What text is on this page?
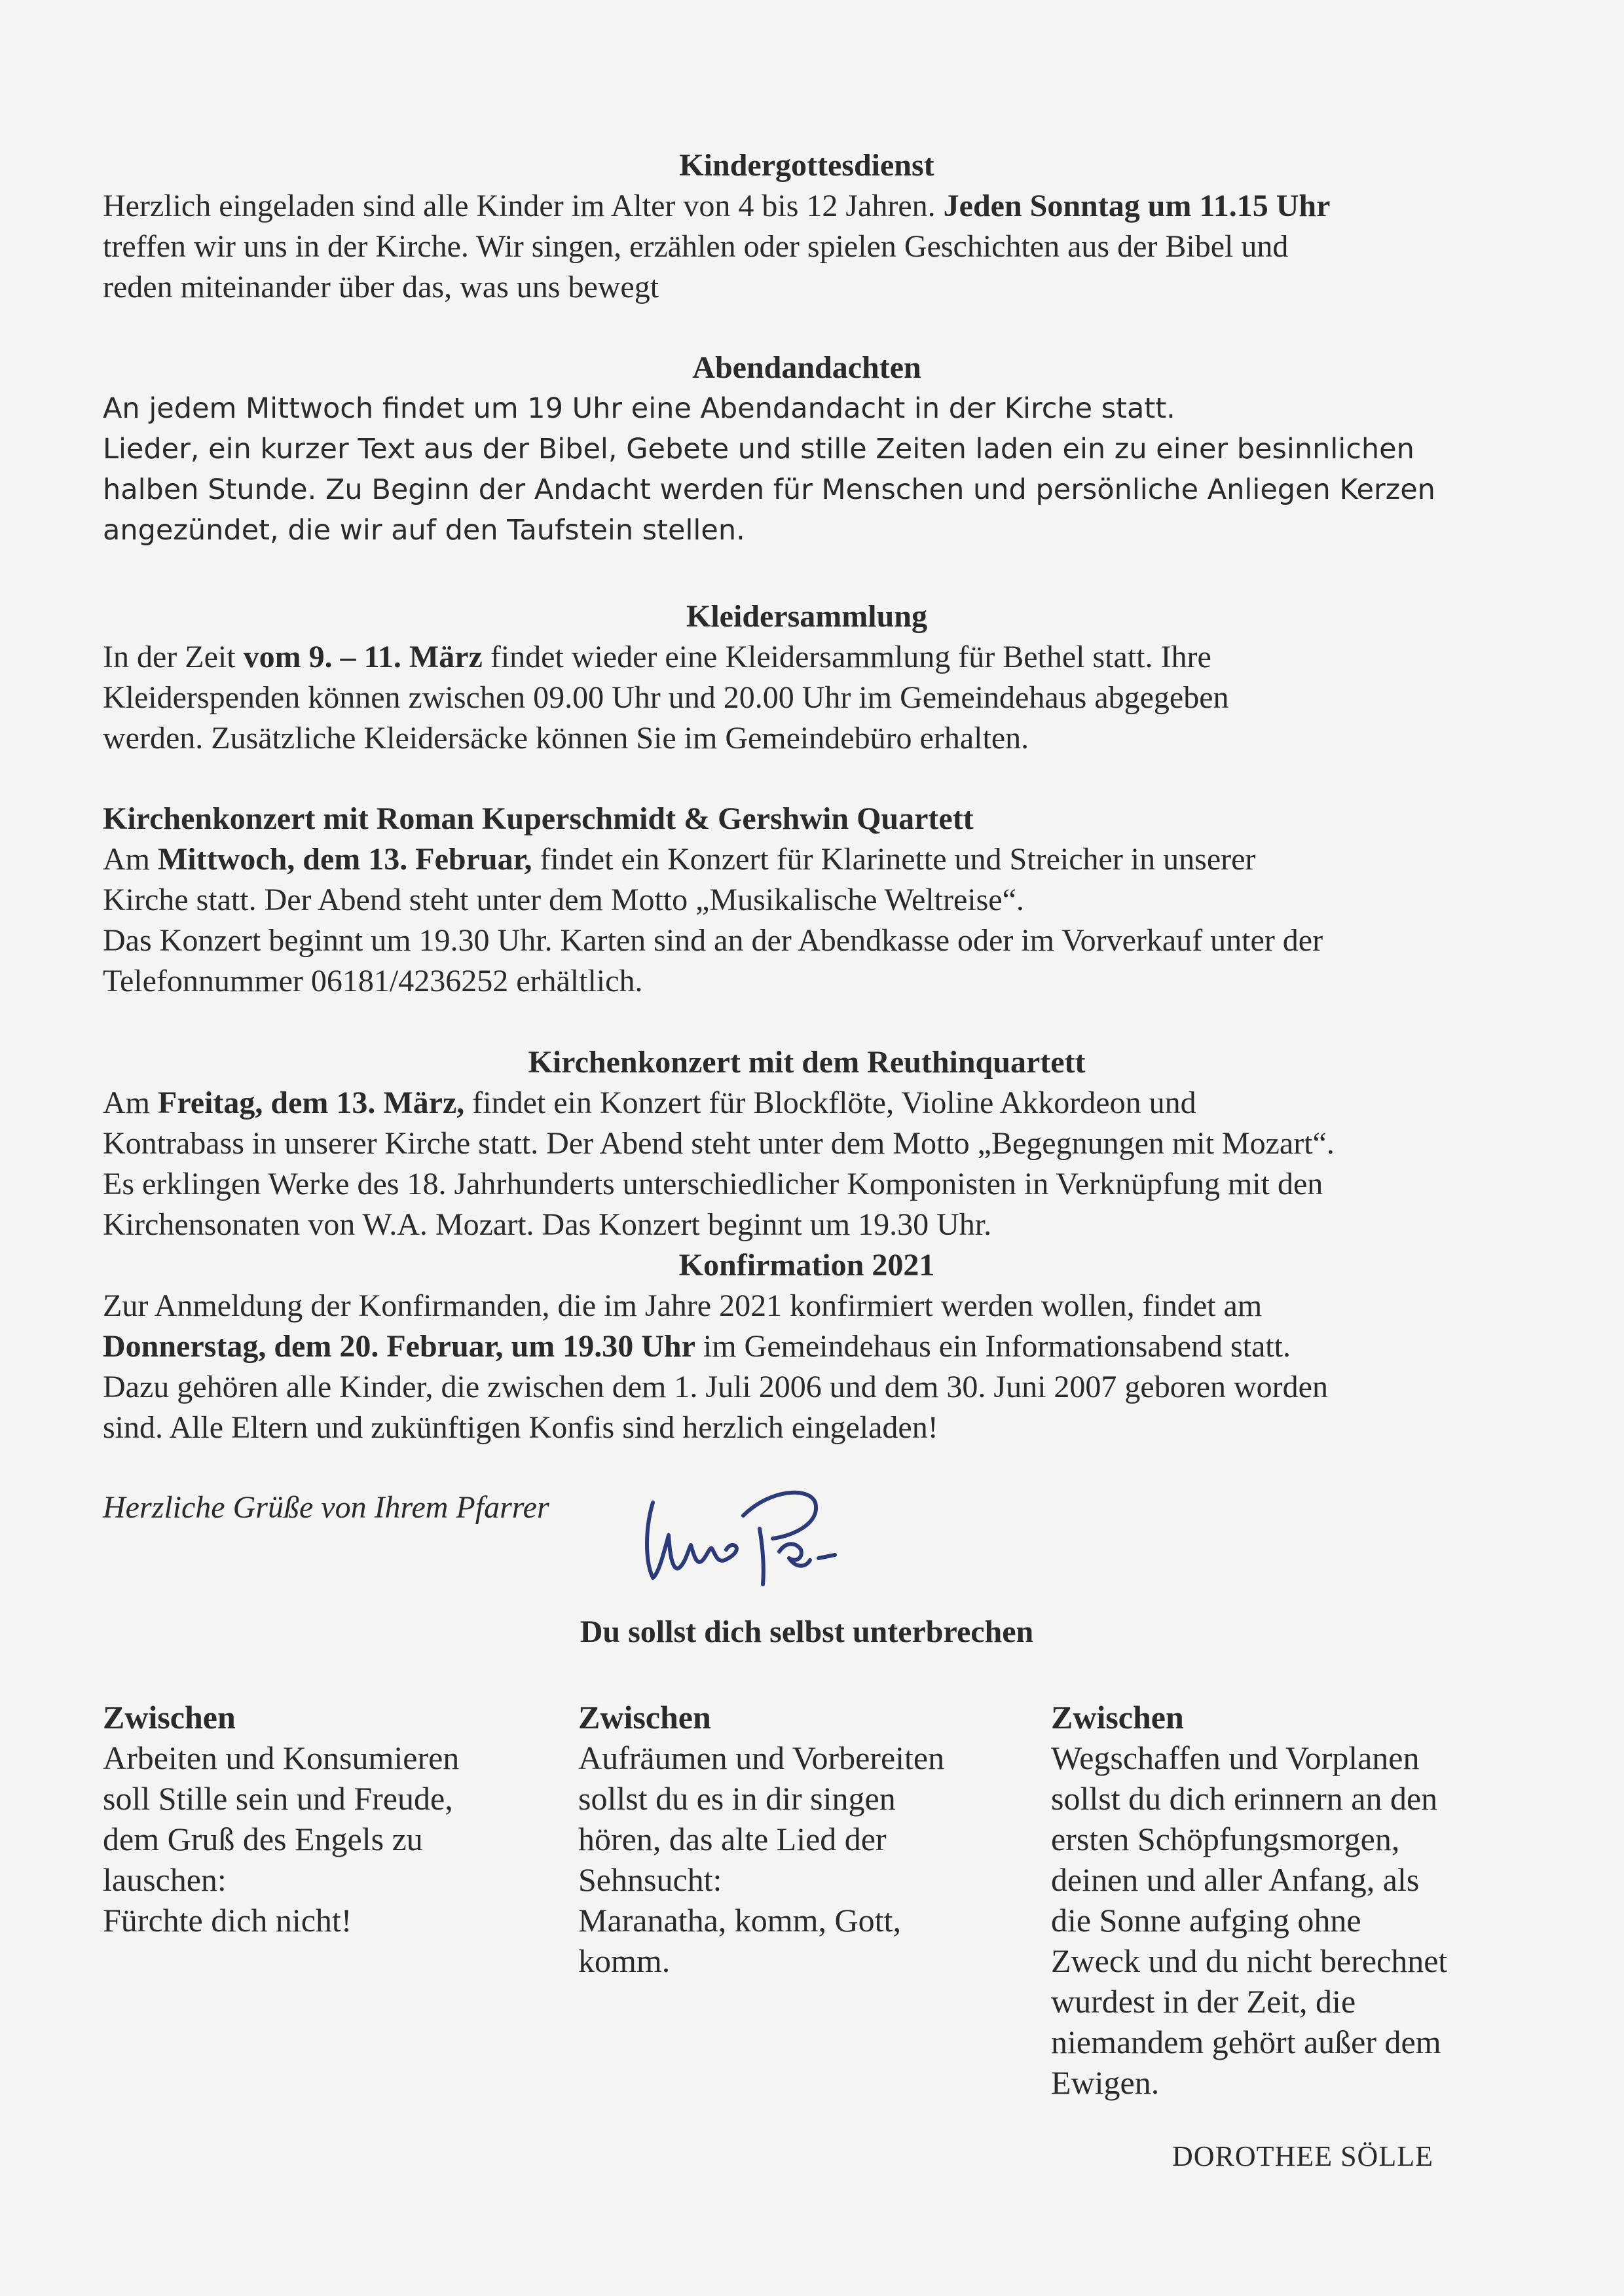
Kindergottesdienst
Herzlich eingeladen sind alle Kinder im Alter von 4 bis 12 Jahren. Jeden Sonntag um 11.15 Uhr
treffen wir uns in der Kirche. Wir singen, erzählen oder spielen Geschichten aus der Bibel und
reden miteinander über das, was uns bewegt
Abendandachten
An jedem Mittwoch findet um 19 Uhr eine Abendandacht in der Kirche statt.
Lieder, ein kurzer Text aus der Bibel, Gebete und stille Zeiten laden ein zu einer besinnlichen
halben Stunde. Zu Beginn der Andacht werden für Menschen und persönliche Anliegen Kerzen
angezündet, die wir auf den Taufstein stellen.
Kleidersammlung
In der Zeit vom 9. – 11. März findet wieder eine Kleidersammlung für Bethel statt. Ihre
Kleiderspenden können zwischen 09.00 Uhr und 20.00 Uhr im Gemeindehaus abgegeben
werden. Zusätzliche Kleidersäcke können Sie im Gemeindebüro erhalten.
Kirchenkonzert mit Roman Kuperschmidt & Gershwin Quartett
Am Mittwoch, dem 13. Februar, findet ein Konzert für Klarinette und Streicher in unserer
Kirche statt. Der Abend steht unter dem Motto „Musikalische Weltreise“.
Das Konzert beginnt um 19.30 Uhr. Karten sind an der Abendkasse oder im Vorverkauf unter der
Telefonnummer 06181/4236252 erhältlich.
Kirchenkonzert mit dem Reuthinquartett
Am Freitag, dem 13. März, findet ein Konzert für Blockflöte, Violine Akkordeon und
Kontrabass in unserer Kirche statt. Der Abend steht unter dem Motto „Begegnungen mit Mozart“.
Es erklingen Werke des 18. Jahrhunderts unterschiedlicher Komponisten in Verknüpfung mit den
Kirchensonaten von W.A. Mozart. Das Konzert beginnt um 19.30 Uhr.
Konfirmation 2021
Zur Anmeldung der Konfirmanden, die im Jahre 2021 konfirmiert werden wollen, findet am
Donnerstag, dem 20. Februar, um 19.30 Uhr im Gemeindehaus ein Informationsabend statt.
Dazu gehören alle Kinder, die zwischen dem 1. Juli 2006 und dem 30. Juni 2007 geboren worden
sind. Alle Eltern und zukünftigen Konfis sind herzlich eingeladen!
Herzliche Grüße von Ihrem Pfarrer
Du sollst dich selbst unterbrechen
Zwischen
Arbeiten und Konsumieren
soll Stille sein und Freude,
dem Gruß des Engels zu
lauschen:
Fürchte dich nicht!
Zwischen
Aufräumen und Vorbereiten
sollst du es in dir singen
hören, das alte Lied der
Sehnsucht:
Maranatha, komm, Gott,
komm.
Zwischen
Wegschaffen und Vorplanen
sollst du dich erinnern an den
ersten Schöpfungsmorgen,
deinen und aller Anfang, als
die Sonne aufging ohne
Zweck und du nicht berechnet
wurdest in der Zeit, die
niemandem gehört außer dem
Ewigen.
DOROTHEE SÖLLE
